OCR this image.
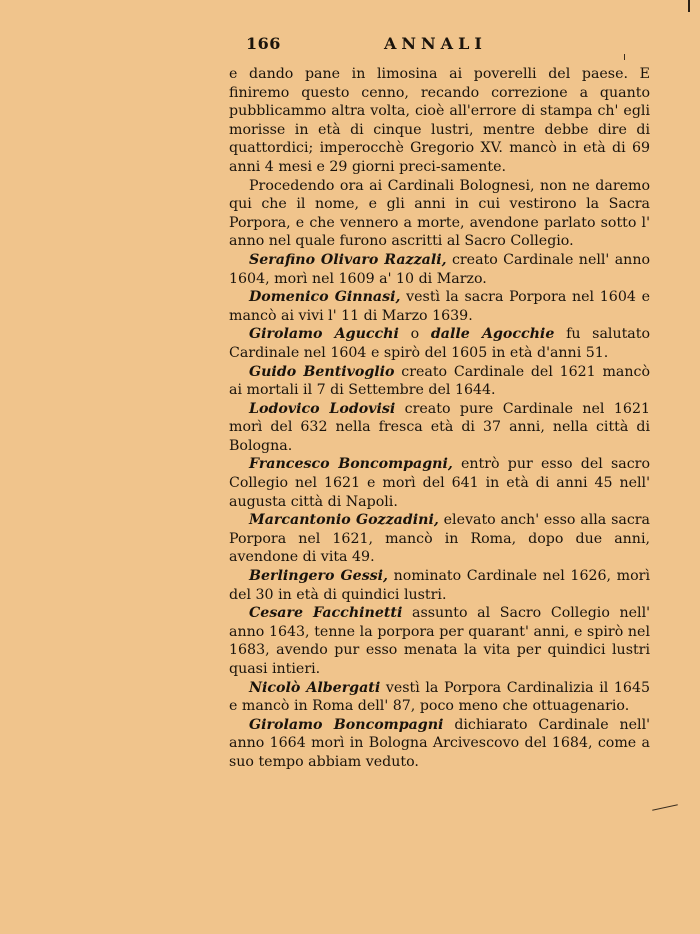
166	ANNALI

e dando pane in limosina ai poverelli del paese. E finiremo questo cenno, recando correzione a quanto pubblicammo altra volta, cioè all'errore di stampa ch' egli morisse in età di cinque lustri, mentre debbe dire di quattordici; imperocchè Gregorio XV. mancò in età di 69 anni 4 mesi e 29 giorni preci-samente.

Procedendo ora ai Cardinali Bolognesi, non ne daremo qui che il nome, e gli anni in cui vestirono la Sacra Porpora, e che vennero a morte, avendone parlato sotto l' anno nel quale furono ascritti al Sacro Collegio.

Serafino Olivaro Razzali, creato Cardinale nell' anno 1604, morì nel 1609 a' 10 di Marzo.

Domenico Ginnasi, vestì la sacra Porpora nel 1604 e mancò ai vivi l' 11 di Marzo 1639.

Girolamo Agucchi o dalle Agocchie fu salutato Cardinale nel 1604 e spirò del 1605 in età d'anni 51.

Guido Bentivoglio creato Cardinale del 1621 mancò ai mortali il 7 di Settembre del 1644.

Lodovico Lodovisi creato pure Cardinale nel 1621 morì del 632 nella fresca età di 37 anni, nella città di Bologna.

Francesco Boncompagni, entrò pur esso del sacro Collegio nel 1621 e morì del 641 in età di anni 45 nell' augusta città di Napoli.

Marcantonio Gozzadini, elevato anch' esso alla sacra Porpora nel 1621, mancò in Roma, dopo due anni, avendone di vita 49.

Berlingero Gessi, nominato Cardinale nel 1626, morì del 30 in età di quindici lustri.

Cesare Facchinetti assunto al Sacro Collegio nell' anno 1643, tenne la porpora per quarant' anni, e spirò nel 1683, avendo pur esso menata la vita per quindici lustri quasi intieri.

Nicolò Albergati vestì la Porpora Cardinalizia il 1645 e mancò in Roma dell' 87, poco meno che ottuagenario.

Girolamo Boncompagni dichiarato Cardinale nell' anno 1664 morì in Bologna Arcivescovo del 1684, come a suo tempo abbiam veduto.
